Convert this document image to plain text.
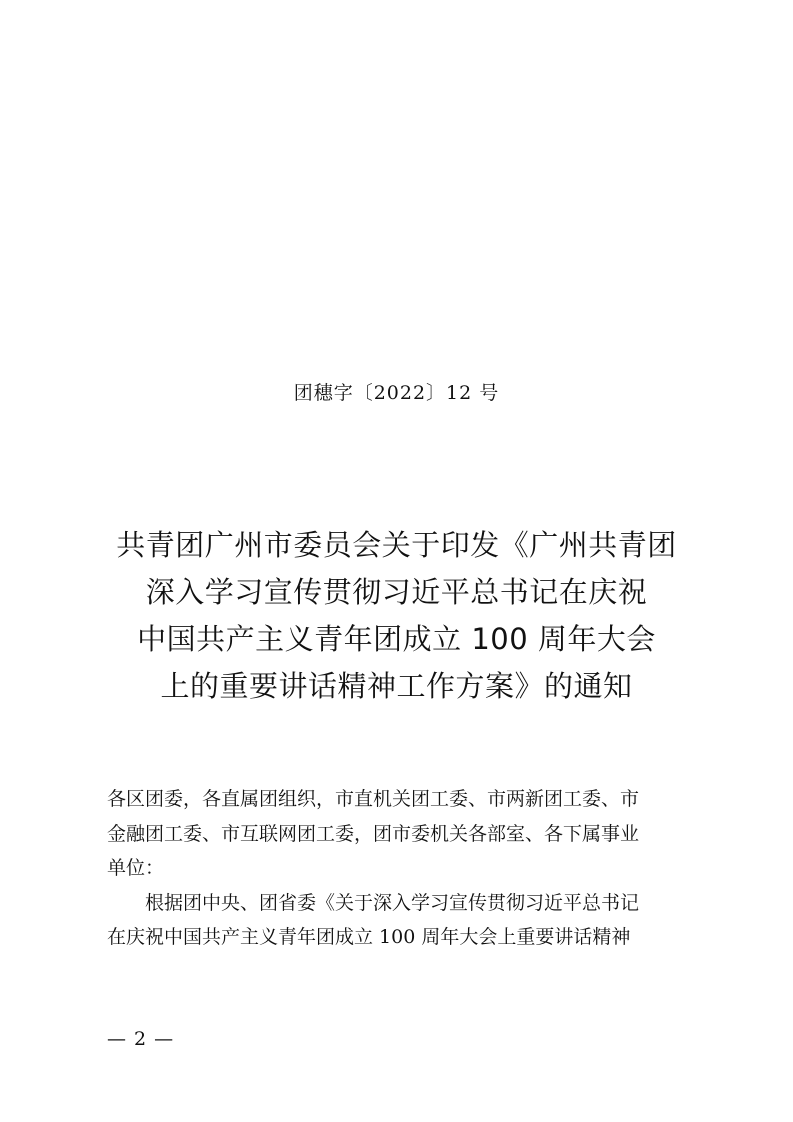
团穗字〔2022〕12 号
共青团广州市委员会关于印发《广州共青团
深入学习宣传贯彻习近平总书记在庆祝
中国共产主义青年团成立 100 周年大会
上的重要讲话精神工作方案》的通知
各区团委，各直属团组织，市直机关团工委、市两新团工委、市
金融团工委、市互联网团工委，团市委机关各部室、各下属事业
单位：
　　根据团中央、团省委《关于深入学习宣传贯彻习近平总书记
在庆祝中国共产主义青年团成立 100 周年大会上重要讲话精神
— 2 —
